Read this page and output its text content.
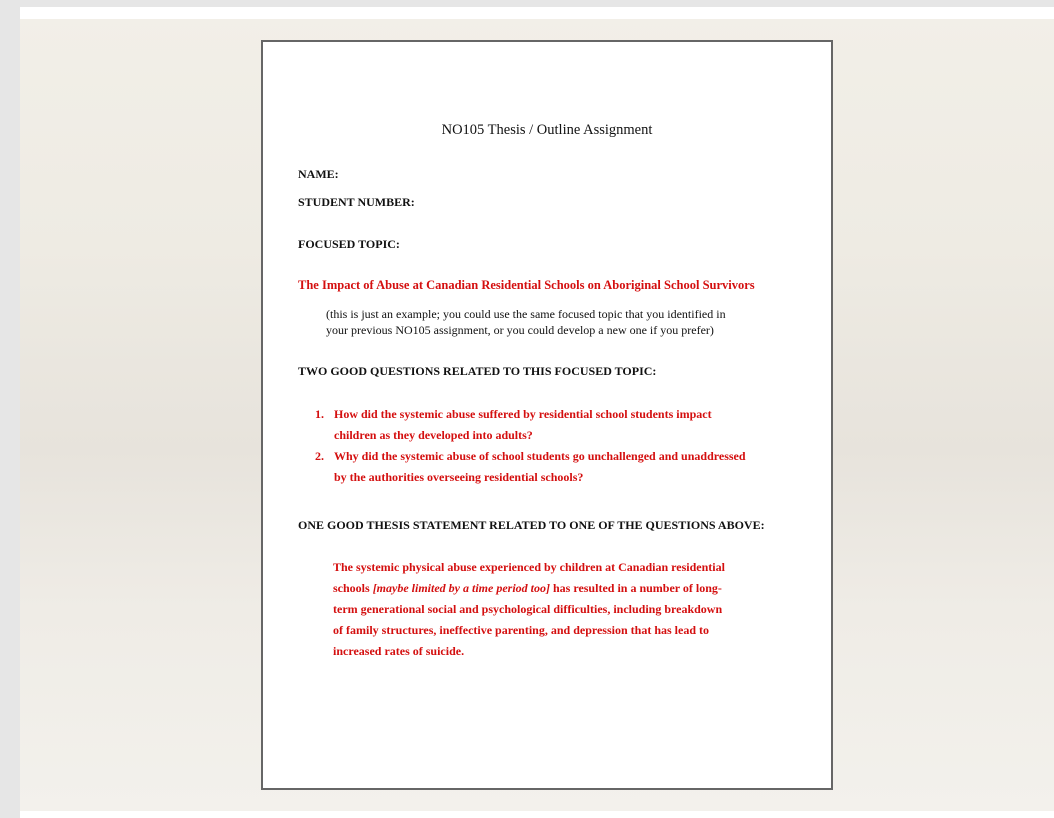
NO105 Thesis / Outline Assignment

NAME:

STUDENT NUMBER:

FOCUSED TOPIC:

The Impact of Abuse at Canadian Residential Schools on Aboriginal School Survivors

(this is just an example; you could use the same focused topic that you identified in
your previous NO105 assignment, or you could develop a new one if you prefer)

TWO GOOD QUESTIONS RELATED TO THIS FOCUSED TOPIC:

1. How did the systemic abuse suffered by residential school students impact
children as they developed into adults?
2. Why did the systemic abuse of school students go unchallenged and unaddressed
by the authorities overseeing residential schools?

ONE GOOD THESIS STATEMENT RELATED TO ONE OF THE QUESTIONS ABOVE:

The systemic physical abuse experienced by children at Canadian residential
schools [maybe limited by a time period too] has resulted in a number of long-
term generational social and psychological difficulties, including breakdown
of family structures, ineffective parenting, and depression that has lead to
increased rates of suicide.
